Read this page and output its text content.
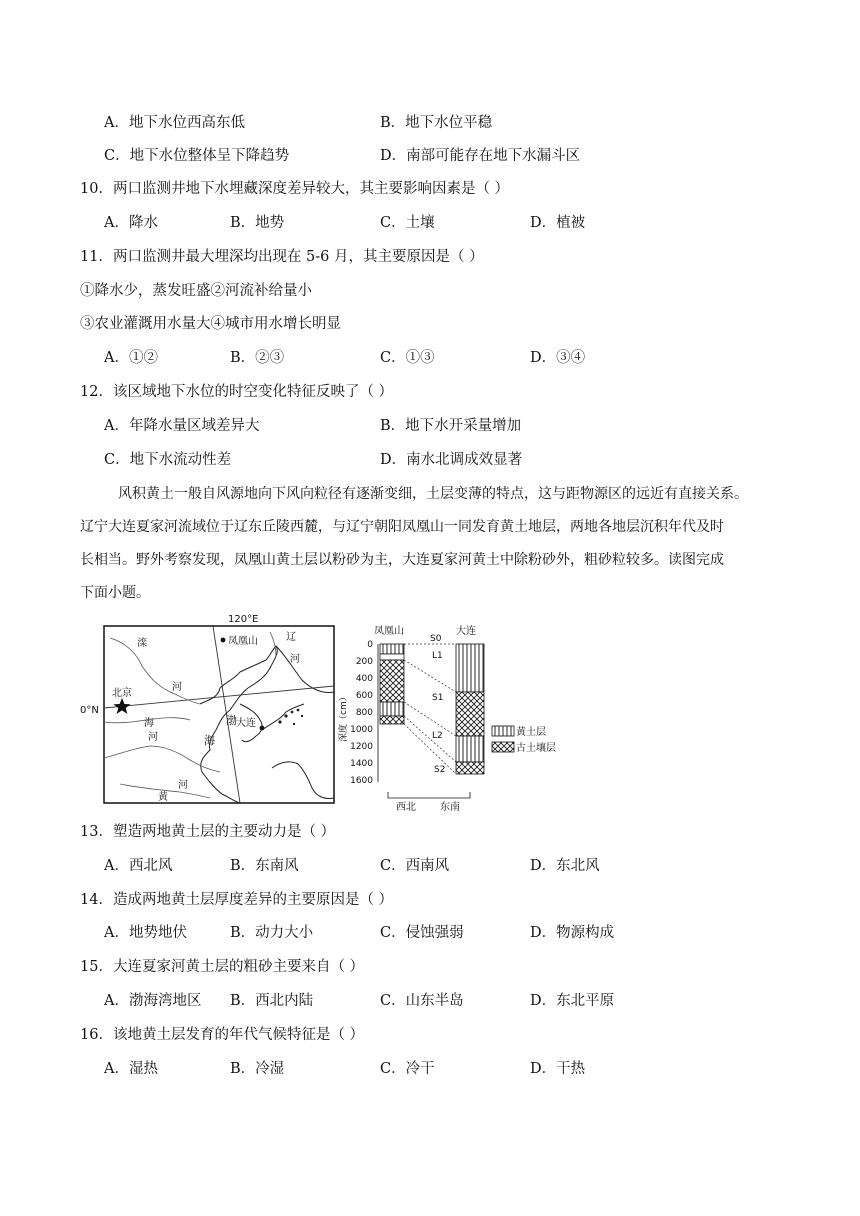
A．地下水位西高东低	B．地下水位平稳
C．地下水位整体呈下降趋势	D．南部可能存在地下水漏斗区
10．两口监测井地下水埋藏深度差异较大，其主要影响因素是（ ）
A．降水	B．地势	C．土壤	D．植被
11．两口监测井最大埋深均出现在 5-6 月，其主要原因是（ ）
①降水少，蒸发旺盛②河流补给量小
③农业灌溉用水量大④城市用水增长明显
A．①②	B．②③	C．①③	D．③④
12．该区域地下水位的时空变化特征反映了（ ）
A．年降水量区域差异大	B．地下水开采量增加
C．地下水流动性差	D．南水北调成效显著
风积黄土一般自风源地向下风向粒径有逐渐变细，土层变薄的特点，这与距物源区的远近有直接关系。
辽宁大连夏家河流域位于辽东丘陵西麓，与辽宁朝阳凤凰山一同发育黄土地层，两地各地层沉积年代及时
长相当。野外考察发现，凤凰山黄土层以粉砂为主，大连夏家河黄土中除粉砂外，粗砂粒较多。读图完成
下面小题。
120°E
0°N
凤凰山
北京
大连
滦
河
辽
河
海
河
黄
河
渤
海
凤凰山	大连
0
200
400
600
800
1000
1200
1400
1600
深度（cm）
S0
L1
S1
L2
S2
黄土层
古土壤层
西北 东南
13．塑造两地黄土层的主要动力是（ ）
A．西北风	B．东南风	C．西南风	D．东北风
14．造成两地黄土层厚度差异的主要原因是（ ）
A．地势地伏	B．动力大小	C．侵蚀强弱	D．物源构成
15．大连夏家河黄土层的粗砂主要来自（ ）
A．渤海湾地区 B．西北内陆	C．山东半岛	D．东北平原
16．该地黄土层发育的年代气候特征是（ ）
A．湿热	B．冷湿	C．冷干	D．干热
